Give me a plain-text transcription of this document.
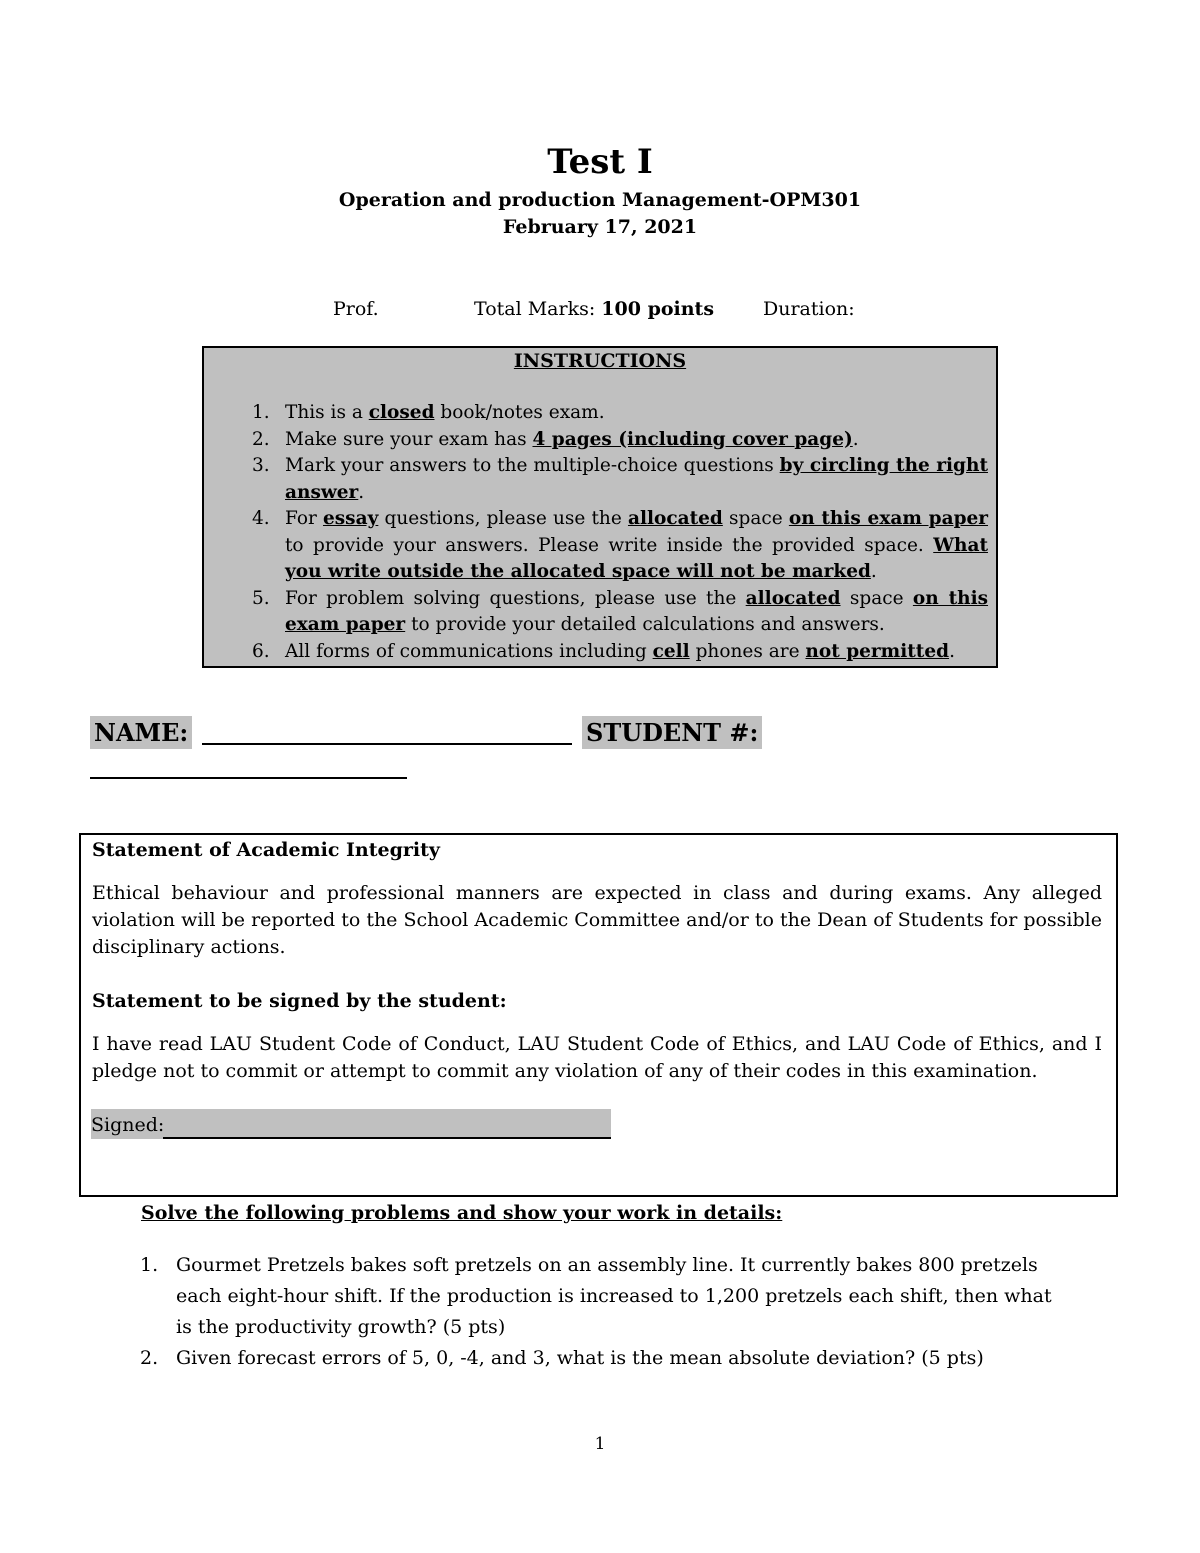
Test I
Operation and production Management-OPM301
February 17, 2021
Prof.	Total Marks: 100 points	Duration:
INSTRUCTIONS
1. This is a closed book/notes exam.
2. Make sure your exam has 4 pages (including cover page).
3. Mark your answers to the multiple-choice questions by circling the right answer.
4. For essay questions, please use the allocated space on this exam paper to provide your answers. Please write inside the provided space. What you write outside the allocated space will not be marked.
5. For problem solving questions, please use the allocated space on this exam paper to provide your detailed calculations and answers.
6. All forms of communications including cell phones are not permitted.
NAME:	STUDENT #:
Statement of Academic Integrity

Ethical behaviour and professional manners are expected in class and during exams. Any alleged violation will be reported to the School Academic Committee and/or to the Dean of Students for possible disciplinary actions.

Statement to be signed by the student:

I have read LAU Student Code of Conduct, LAU Student Code of Ethics, and LAU Code of Ethics, and I pledge not to commit or attempt to commit any violation of any of their codes in this examination.

Signed:
Solve the following problems and show your work in details:
1. Gourmet Pretzels bakes soft pretzels on an assembly line. It currently bakes 800 pretzels each eight-hour shift. If the production is increased to 1,200 pretzels each shift, then what is the productivity growth? (5 pts)
2. Given forecast errors of 5, 0, -4, and 3, what is the mean absolute deviation? (5 pts)
1
